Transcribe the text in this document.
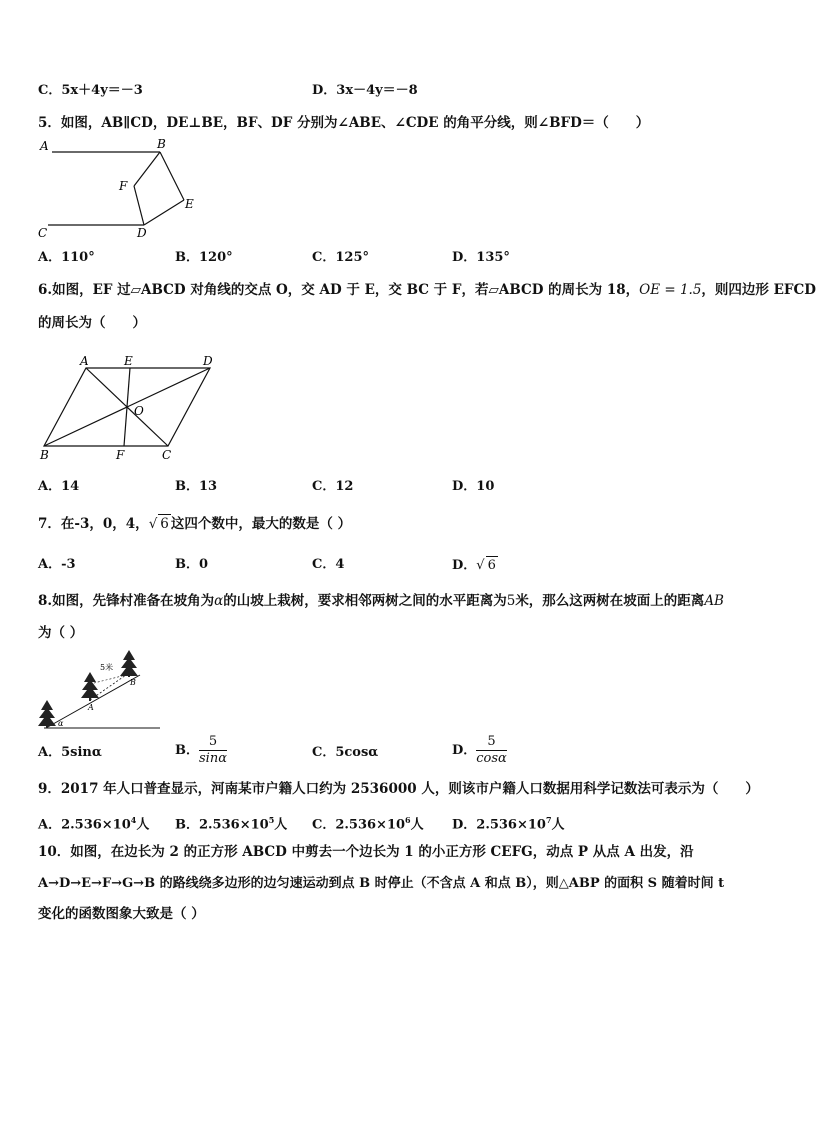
C．5x＋4y＝－3	D．3x－4y＝－8
5．如图，AB∥CD，DE⊥BE，BF、DF 分别为∠ABE、∠CDE 的角平分线，则∠BFD＝（　　）
A	B
C	D
E
F
A．110°	B．120°	C．125°	D．135°
6.如图，EF 过▱ABCD 对角线的交点 O，交 AD 于 E，交 BC 于 F，若▱ABCD 的周长为 18，OE = 1.5，则四边形 EFCD
的周长为（　　）
A	E	D
O
B	F	C
A．14	B．13	C．12	D．10
7．在-3，0，4，√ 6 这四个数中，最大的数是（ ）
A．-3	B．0	C．4	D．√ 6
8.如图，先锋村准备在坡角为α的山坡上栽树，要求相邻两树之间的水平距离为5米，那么这两树在坡面上的距离AB
为（ ）
5米
A
B
α
A．5sinα	B． $\frac{5}{\sin\alpha}$	C．5cosα	D． $\frac{5}{\cos\alpha}$
9．2017 年人口普查显示，河南某市户籍人口约为 2536000 人，则该市户籍人口数据用科学记数法可表示为（　　）
A．$2.536\times 10^4$人 B．$2.536\times 10^5$人 C．$2.536\times 10^6$人 D．$2.536\times 10^7$人
10．如图，在边长为 2 的正方形 ABCD 中剪去一个边长为 1 的小正方形 CEFG，动点 P 从点 A 出发，沿
A→D→E→F→G→B 的路线绕多边形的边匀速运动到点 B 时停止（不含点 A 和点 B），则△ABP 的面积 S 随着时间 t
变化的函数图象大致是（ ）
